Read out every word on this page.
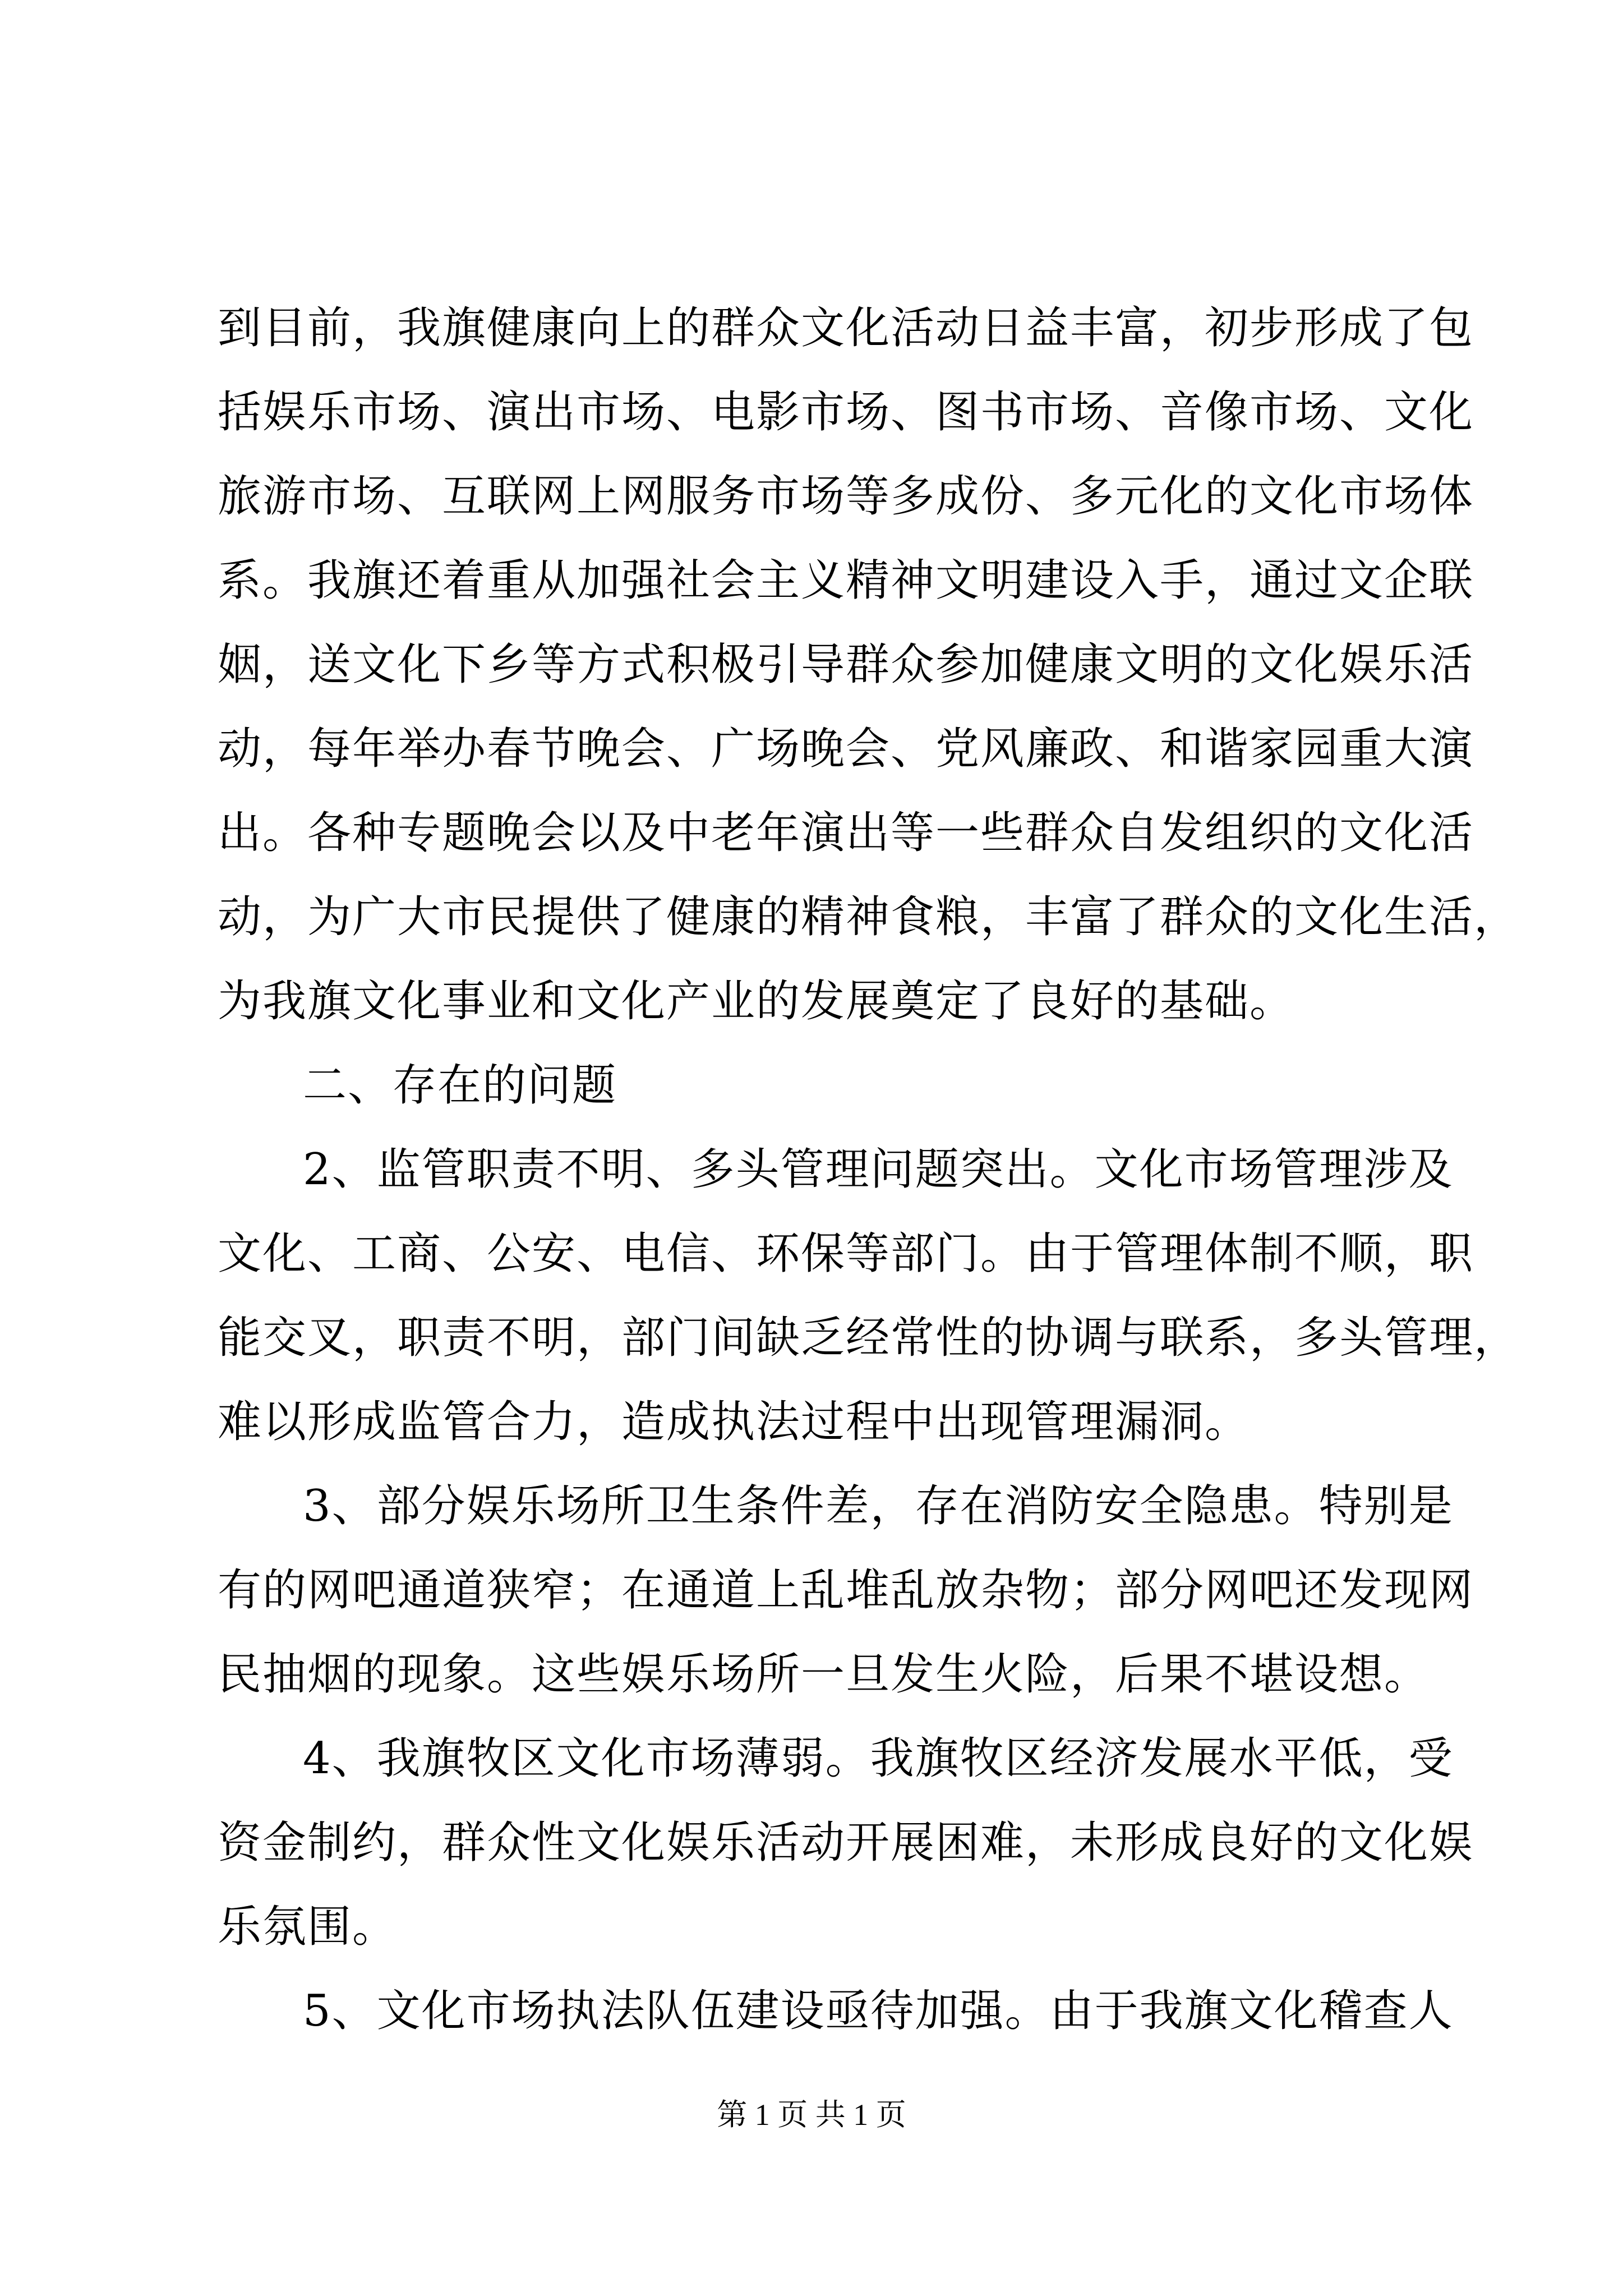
到目前，我旗健康向上的群众文化活动日益丰富，初步形成了包
括娱乐市场、演出市场、电影市场、图书市场、音像市场、文化
旅游市场、互联网上网服务市场等多成份、多元化的文化市场体
系。我旗还着重从加强社会主义精神文明建设入手，通过文企联
姻，送文化下乡等方式积极引导群众参加健康文明的文化娱乐活
动，每年举办春节晚会、广场晚会、党风廉政、和谐家园重大演
出。各种专题晚会以及中老年演出等一些群众自发组织的文化活
动，为广大市民提供了健康的精神食粮，丰富了群众的文化生活，
为我旗文化事业和文化产业的发展奠定了良好的基础。
二、存在的问题
2、监管职责不明、多头管理问题突出。文化市场管理涉及
文化、工商、公安、电信、环保等部门。由于管理体制不顺，职
能交叉，职责不明，部门间缺乏经常性的协调与联系，多头管理，
难以形成监管合力，造成执法过程中出现管理漏洞。
3、部分娱乐场所卫生条件差，存在消防安全隐患。特别是
有的网吧通道狭窄；在通道上乱堆乱放杂物；部分网吧还发现网
民抽烟的现象。这些娱乐场所一旦发生火险，后果不堪设想。
4、我旗牧区文化市场薄弱。我旗牧区经济发展水平低，受
资金制约，群众性文化娱乐活动开展困难，未形成良好的文化娱
乐氛围。
5、文化市场执法队伍建设亟待加强。由于我旗文化稽查人
第 1 页 共 1 页
